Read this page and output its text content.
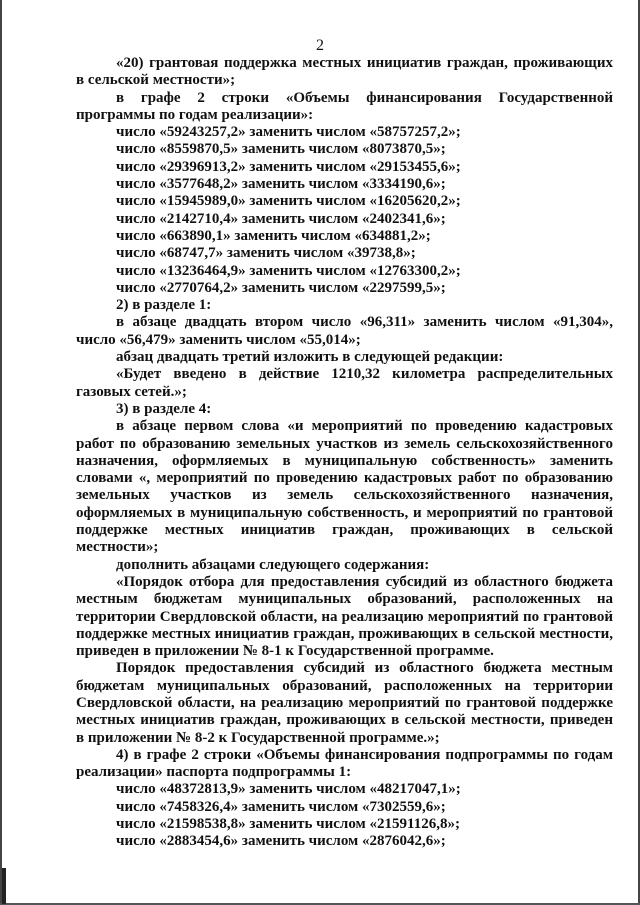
2

«20) грантовая поддержка местных инициатив граждан, проживающих в сельской местности»;

в графе 2 строки «Объемы финансирования Государственной программы по годам реализации»:

число «59243257,2» заменить числом «58757257,2»;

число «8559870,5» заменить числом «8073870,5»;

число «29396913,2» заменить числом «29153455,6»;

число «3577648,2» заменить числом «3334190,6»;

число «15945989,0» заменить числом «16205620,2»;

число «2142710,4» заменить числом «2402341,6»;

число «663890,1» заменить числом «634881,2»;

число «68747,7» заменить числом «39738,8»;

число «13236464,9» заменить числом «12763300,2»;

число «2770764,2» заменить числом «2297599,5»;

2) в разделе 1:

в абзаце двадцать втором число «96,311» заменить числом «91,304», число «56,479» заменить числом «55,014»;

абзац двадцать третий изложить в следующей редакции:

«Будет введено в действие 1210,32 километра распределительных газовых сетей.»;

3) в разделе 4:

в абзаце первом слова «и мероприятий по проведению кадастровых работ по образованию земельных участков из земель сельскохозяйственного назначения, оформляемых в муниципальную собственность» заменить словами «, мероприятий по проведению кадастровых работ по образованию земельных участков из земель сельскохозяйственного назначения, оформляемых в муниципальную собственность, и мероприятий по грантовой поддержке местных инициатив граждан, проживающих в сельской местности»;

дополнить абзацами следующего содержания:

«Порядок отбора для предоставления субсидий из областного бюджета местным бюджетам муниципальных образований, расположенных на территории Свердловской области, на реализацию мероприятий по грантовой поддержке местных инициатив граждан, проживающих в сельской местности, приведен в приложении № 8-1 к Государственной программе.

Порядок предоставления субсидий из областного бюджета местным бюджетам муниципальных образований, расположенных на территории Свердловской области, на реализацию мероприятий по грантовой поддержке местных инициатив граждан, проживающих в сельской местности, приведен в приложении № 8-2 к Государственной программе.»;

4) в графе 2 строки «Объемы финансирования подпрограммы по годам реализации» паспорта подпрограммы 1:

число «48372813,9» заменить числом «48217047,1»;

число «7458326,4» заменить числом «7302559,6»;

число «21598538,8» заменить числом «21591126,8»;

число «2883454,6» заменить числом «2876042,6»;
